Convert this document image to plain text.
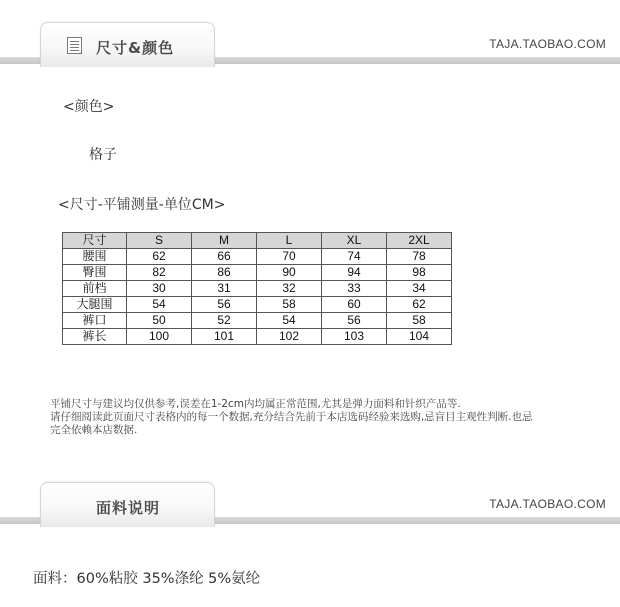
尺寸&颜色	TAJA.TAOBAO.COM
<颜色>
格子
<尺寸-平铺测量-单位CM>
尺寸	S	M	L	XL	2XL
腰围	62	66	70	74	78
臀围	82	86	90	94	98
前档	30	31	32	33	34
大腿围	54	56	58	60	62
裤口	50	52	54	56	58
裤长	100	101	102	103	104
平铺尺寸与建议均仅供参考,误差在1-2cm内均属正常范围,尤其是弹力面料和针织产品等.
请仔细阅读此页面尺寸表格内的每一个数据,充分结合先前于本店选码经验来选购,忌盲目主观性判断.也忌
完全依赖本店数据.
面料说明	TAJA.TAOBAO.COM
面料：60%粘胶 35%涤纶 5%氨纶
